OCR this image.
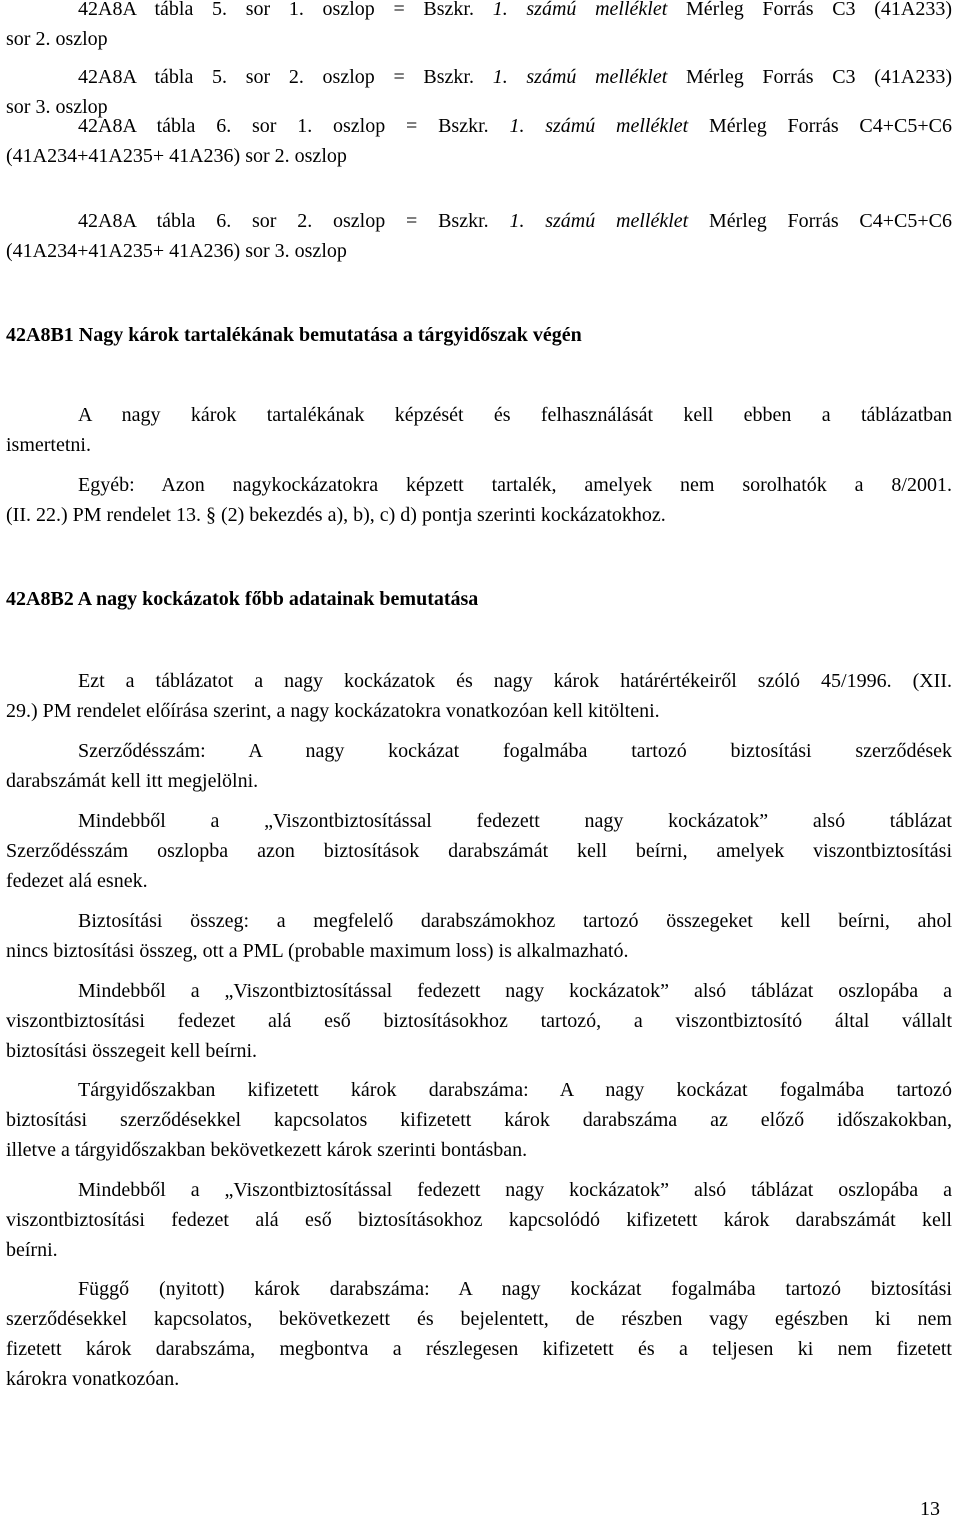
42A8A tábla 5. sor 1. oszlop = Bszkr. 1. számú melléklet Mérleg Forrás C3 (41A233)
sor 2. oszlop
42A8A tábla 5. sor 2. oszlop = Bszkr. 1. számú melléklet Mérleg Forrás C3 (41A233)
sor 3. oszlop
42A8A tábla 6. sor 1. oszlop = Bszkr. 1. számú melléklet Mérleg Forrás C4+C5+C6
(41A234+41A235+ 41A236) sor 2. oszlop
42A8A tábla 6. sor 2. oszlop = Bszkr. 1. számú melléklet Mérleg Forrás C4+C5+C6
(41A234+41A235+ 41A236) sor 3. oszlop
42A8B1 Nagy károk tartalékának bemutatása a tárgyidőszak végén
A nagy károk tartalékának képzését és felhasználását kell ebben a táblázatban
ismertetni.
Egyéb: Azon nagykockázatokra képzett tartalék, amelyek nem sorolhatók a 8/2001.
(II. 22.) PM rendelet 13. § (2) bekezdés a), b), c) d) pontja szerinti kockázatokhoz.
42A8B2 A nagy kockázatok főbb adatainak bemutatása
Ezt a táblázatot a nagy kockázatok és nagy károk határértékeiről szóló 45/1996. (XII.
29.) PM rendelet előírása szerint, a nagy kockázatokra vonatkozóan kell kitölteni.
Szerződésszám: A nagy kockázat fogalmába tartozó biztosítási szerződések
darabszámát kell itt megjelölni.
Mindebből a „Viszontbiztosítással fedezett nagy kockázatok” alsó táblázat
Szerződésszám oszlopba azon biztosítások darabszámát kell beírni, amelyek viszontbiztosítási
fedezet alá esnek.
Biztosítási összeg: a megfelelő darabszámokhoz tartozó összegeket kell beírni, ahol
nincs biztosítási összeg, ott a PML (probable maximum loss) is alkalmazható.
Mindebből a „Viszontbiztosítással fedezett nagy kockázatok” alsó táblázat oszlopába a
viszontbiztosítási fedezet alá eső biztosításokhoz tartozó, a viszontbiztosító által vállalt
biztosítási összegeit kell beírni.
Tárgyidőszakban kifizetett károk darabszáma: A nagy kockázat fogalmába tartozó
biztosítási szerződésekkel kapcsolatos kifizetett károk darabszáma az előző időszakokban,
illetve a tárgyidőszakban bekövetkezett károk szerinti bontásban.
Mindebből a „Viszontbiztosítással fedezett nagy kockázatok” alsó táblázat oszlopába a
viszontbiztosítási fedezet alá eső biztosításokhoz kapcsolódó kifizetett károk darabszámát kell
beírni.
Függő (nyitott) károk darabszáma: A nagy kockázat fogalmába tartozó biztosítási
szerződésekkel kapcsolatos, bekövetkezett és bejelentett, de részben vagy egészben ki nem
fizetett károk darabszáma, megbontva a részlegesen kifizetett és a teljesen ki nem fizetett
károkra vonatkozóan.
13
